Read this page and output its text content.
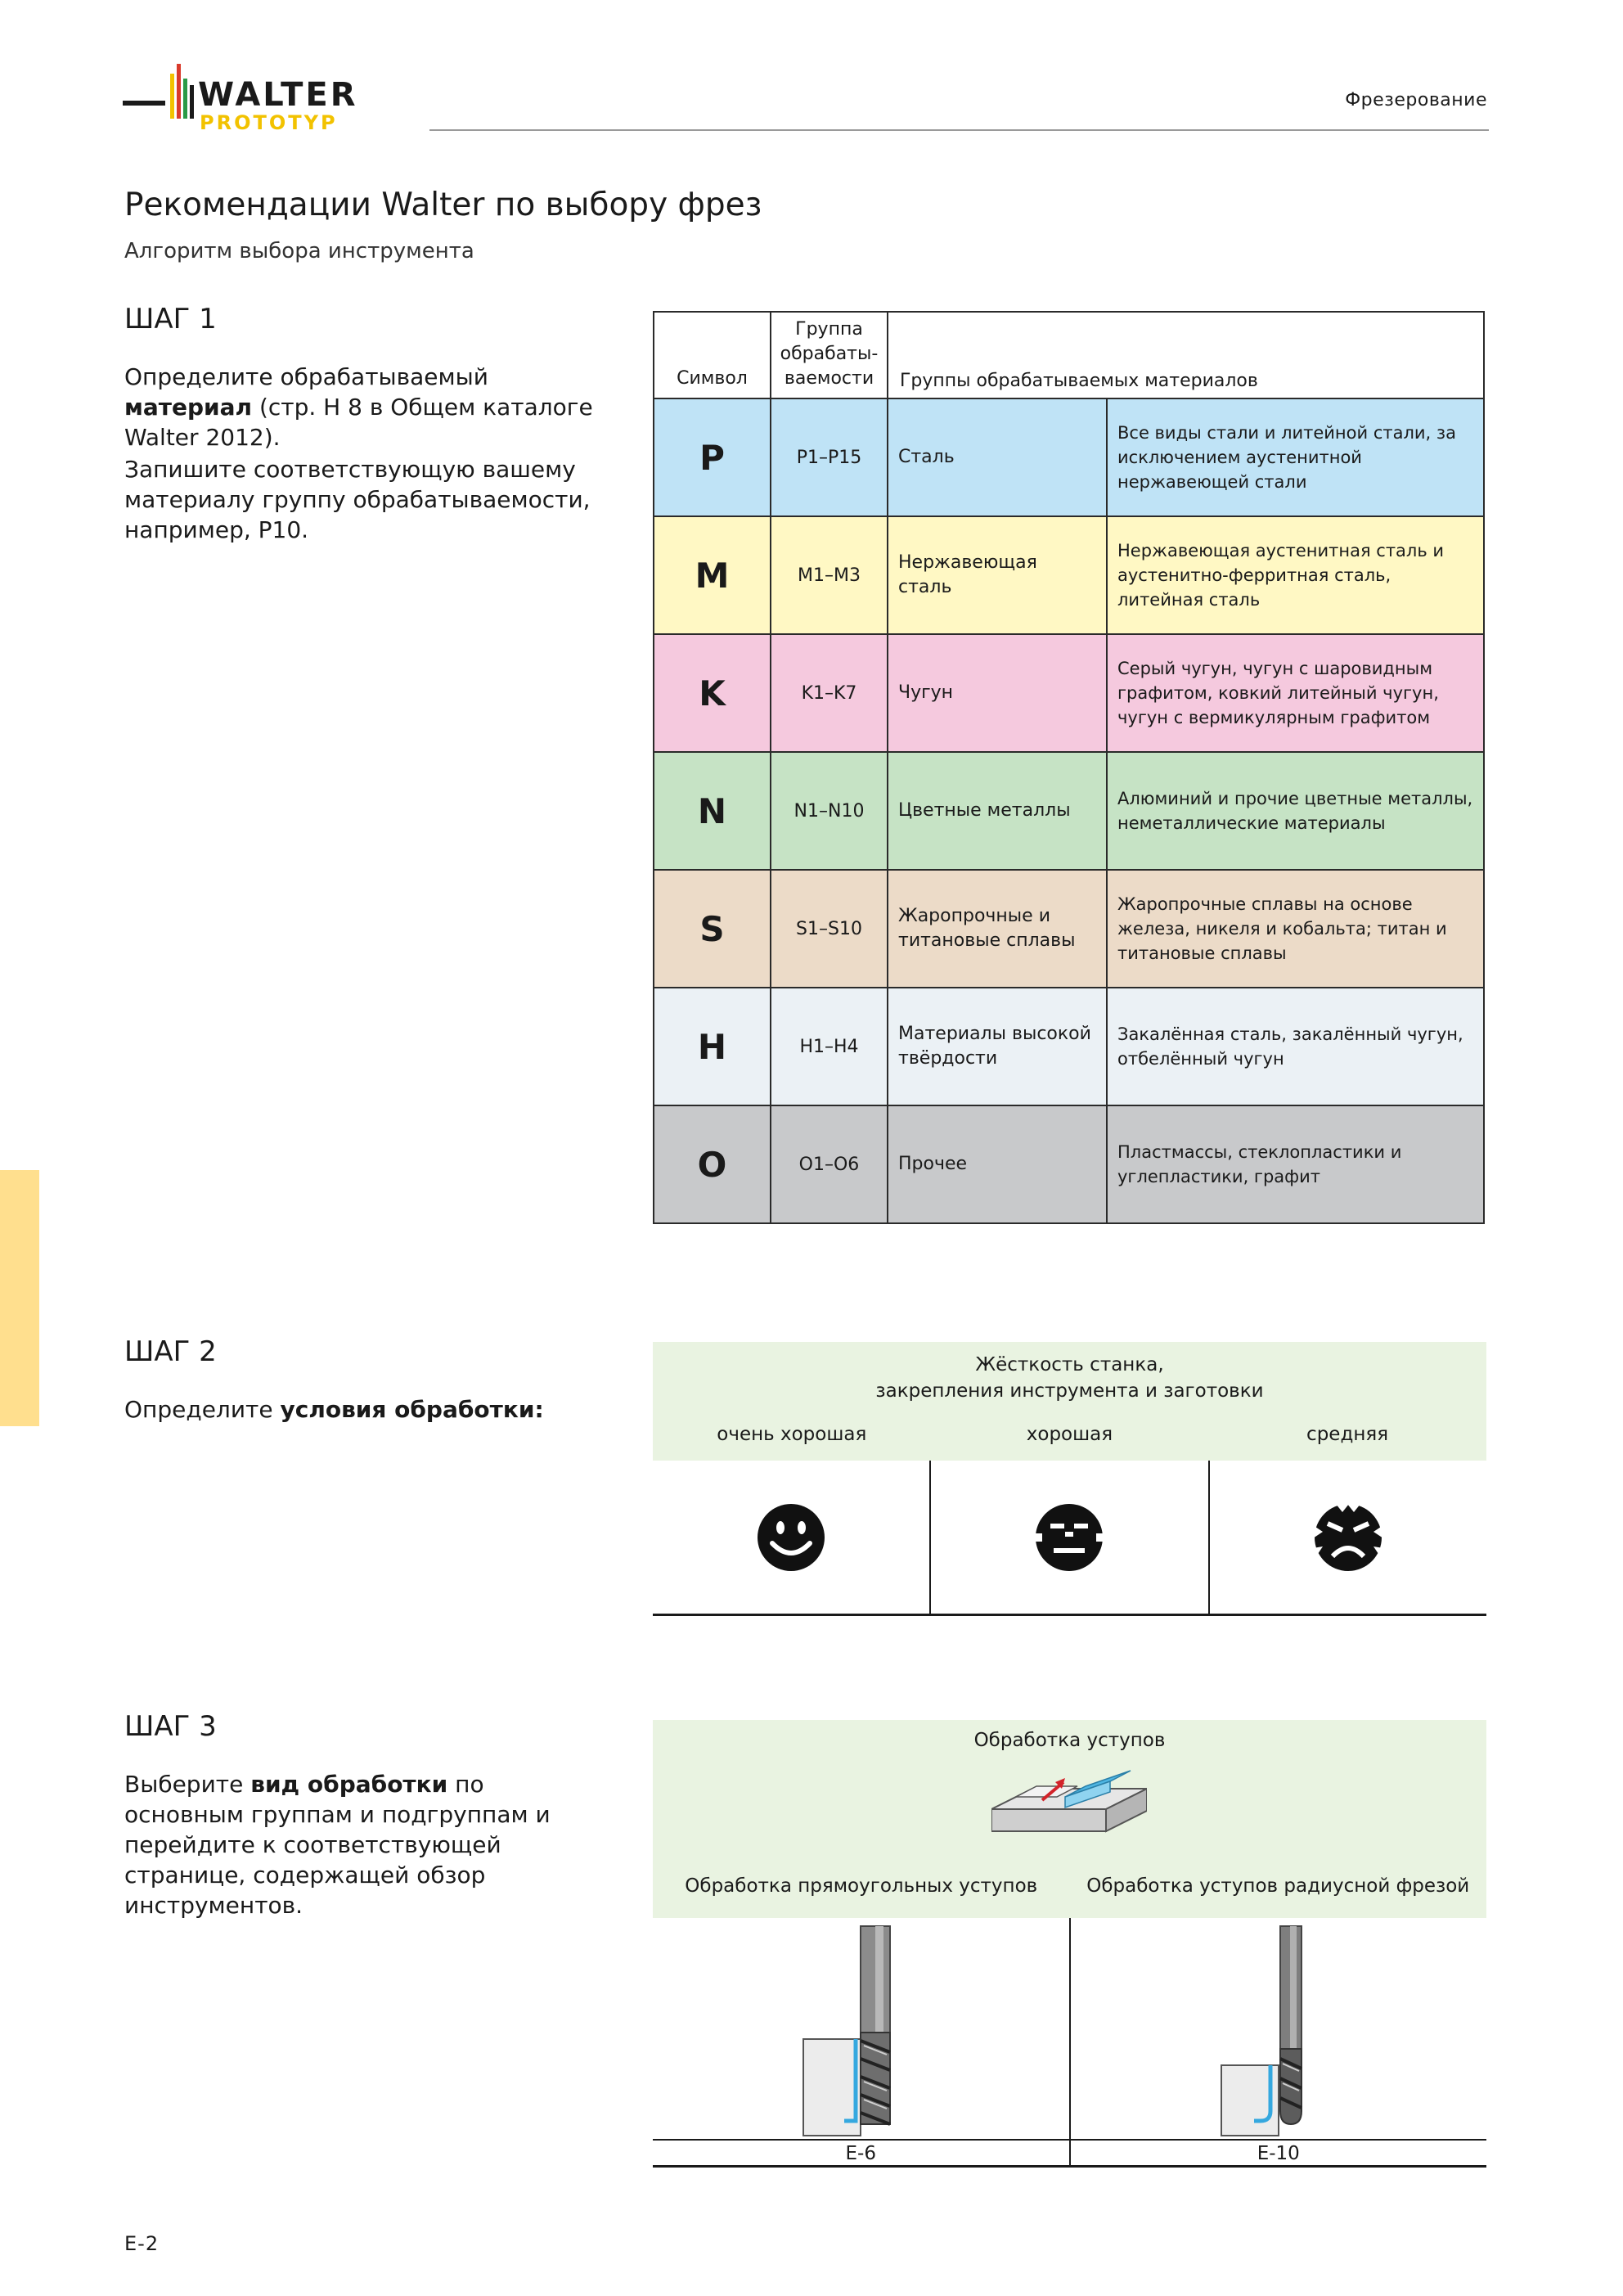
WALTER
PROTOTYP
Фрезерование
Рекомендации Walter по выбору фрез
Алгоритм выбора инструмента
ШАГ 1

Определите обрабатываемый материал (стр. H 8 в Общем каталоге Walter 2012).

Запишите соответствующую вашему материалу группу обрабатываемости, например, P10.

Символ	Группа обрабатываемости	Группы обрабатываемых материалов	
P	P1–P15	Сталь	Все виды стали и литейной стали, за исключением аустенитной нержавеющей стали
M	M1–M3	Нержавеющая сталь	Нержавеющая аустенитная сталь и аустенитно-ферритная сталь, литейная сталь
K	K1–K7	Чугун	Серый чугун, чугун с шаровидным графитом, ковкий литейный чугун, чугун с вермикулярным графитом
N	N1–N10	Цветные металлы	Алюминий и прочие цветные металлы, неметаллические материалы
S	S1–S10	Жаропрочные и титановые сплавы	Жаропрочные сплавы на основе железа, никеля и кобальта; титан и титановые сплавы
H	H1–H4	Материалы высокой твёрдости	Закалённая сталь, закалённый чугун, отбелённый чугун
O	O1–O6	Прочее	Пластмассы, стеклопластики и углепластики, графит
ШАГ 2

Определите условия обработки:

Жёсткость станка,
закрепления инструмента и заготовки
очень хорошая	хорошая	средняя
ШАГ 3

Выберите вид обработки по основным группам и подгруппам и перейдите к соответствующей странице, содержащей обзор инструментов.

Обработка уступов
Обработка прямоугольных уступов	Обработка уступов радиусной фрезой
E-6	E-10
E-2
